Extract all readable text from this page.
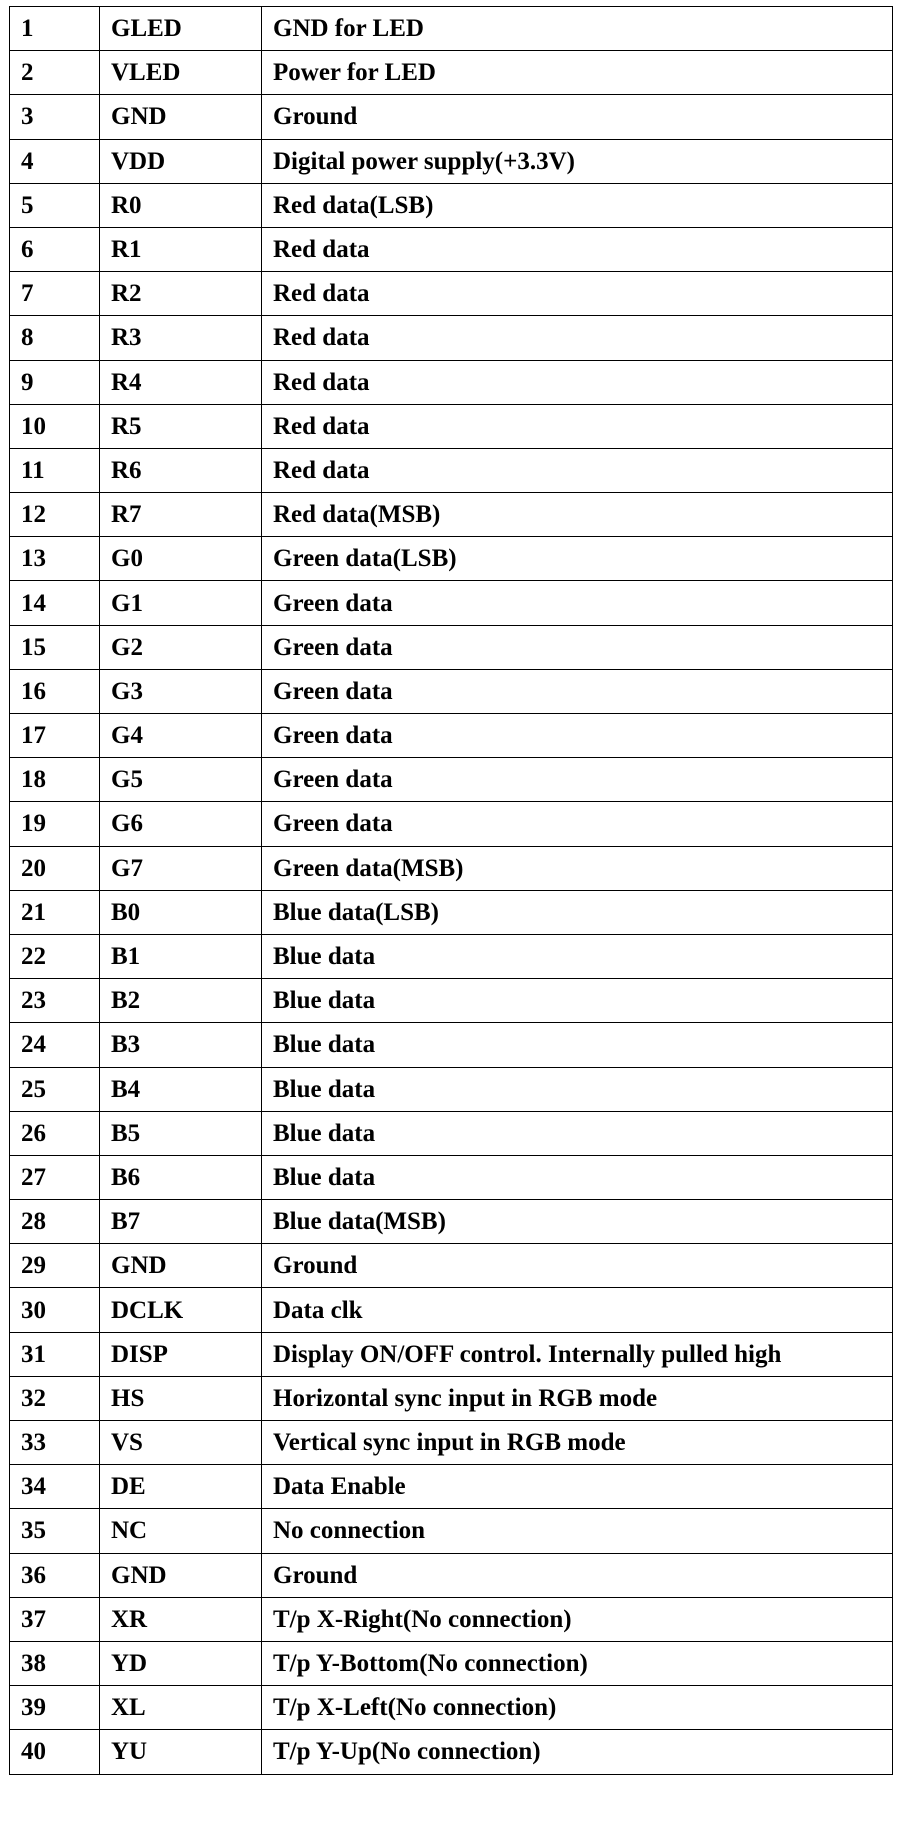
1	GLED	GND for LED
2	VLED	Power for LED
3	GND	Ground
4	VDD	Digital power supply(+3.3V)
5	R0	Red data(LSB)
6	R1	Red data
7	R2	Red data
8	R3	Red data
9	R4	Red data
10	R5	Red data
11	R6	Red data
12	R7	Red data(MSB)
13	G0	Green data(LSB)
14	G1	Green data
15	G2	Green data
16	G3	Green data
17	G4	Green data
18	G5	Green data
19	G6	Green data
20	G7	Green data(MSB)
21	B0	Blue data(LSB)
22	B1	Blue data
23	B2	Blue data
24	B3	Blue data
25	B4	Blue data
26	B5	Blue data
27	B6	Blue data
28	B7	Blue data(MSB)
29	GND	Ground
30	DCLK	Data clk
31	DISP	Display ON/OFF control. Internally pulled high
32	HS	Horizontal sync input in RGB mode
33	VS	Vertical sync input in RGB mode
34	DE	Data Enable
35	NC	No connection
36	GND	Ground
37	XR	T/p X-Right(No connection)
38	YD	T/p Y-Bottom(No connection)
39	XL	T/p X-Left(No connection)
40	YU	T/p Y-Up(No connection)
